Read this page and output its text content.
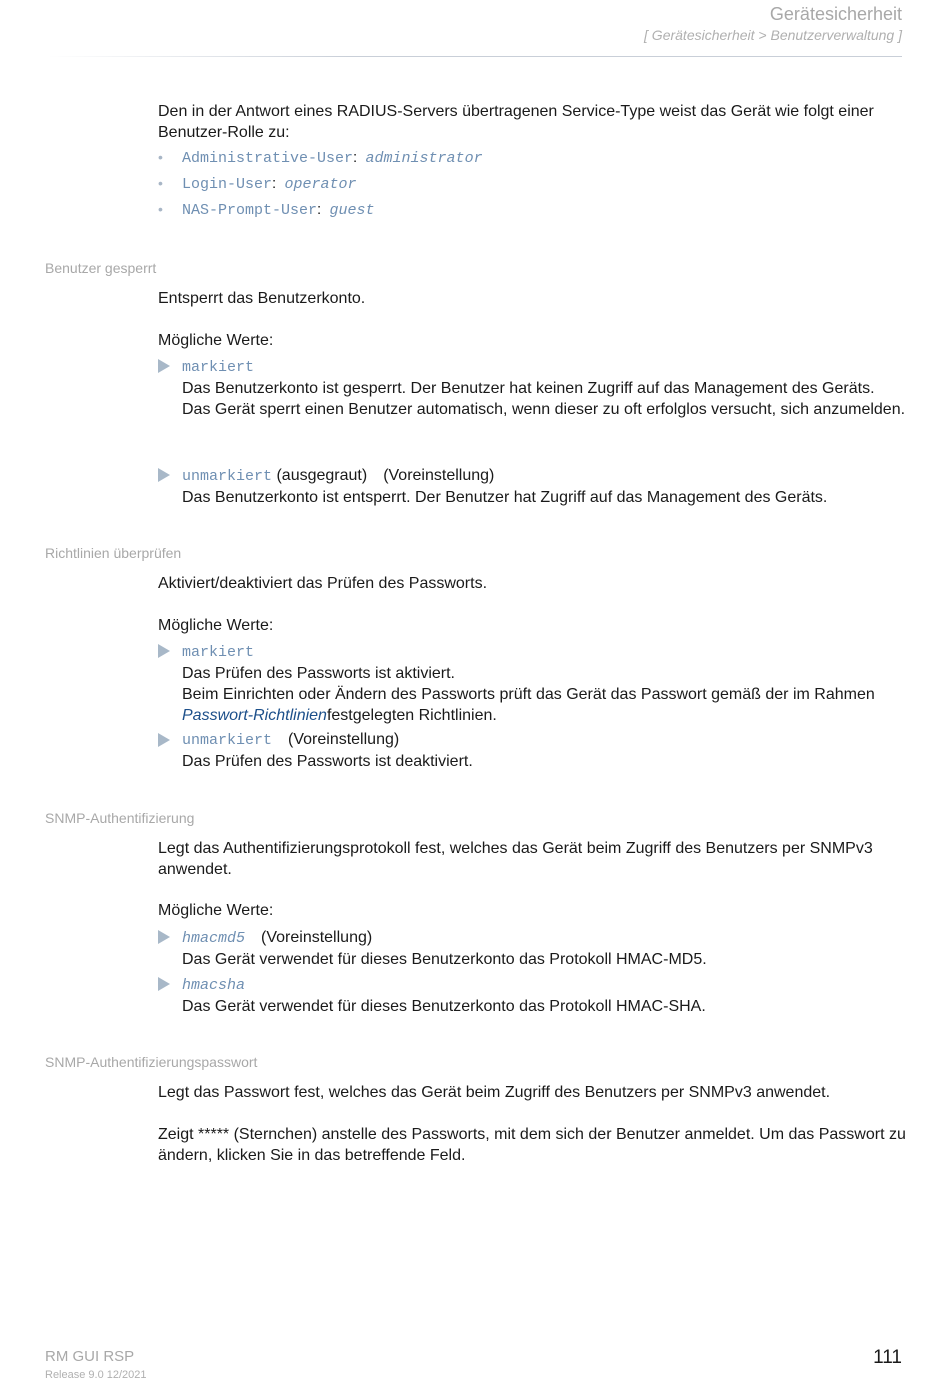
Gerätesicherheit
[ Gerätesicherheit > Benutzerverwaltung ]
Den in der Antwort eines RADIUS-Servers übertragenen Service-Type weist das Gerät wie folgt einer Benutzer-Rolle zu:
• Administrative-User:  administrator
• Login-User:  operator
• NAS-Prompt-User:  guest
Benutzer gesperrt
Entsperrt das Benutzerkonto.
Mögliche Werte:
markiert
Das Benutzerkonto ist gesperrt. Der Benutzer hat keinen Zugriff auf das Management des Geräts.
Das Gerät sperrt einen Benutzer automatisch, wenn dieser zu oft erfolglos versucht, sich anzumelden.
unmarkiert (ausgegraut) (Voreinstellung)
Das Benutzerkonto ist entsperrt. Der Benutzer hat Zugriff auf das Management des Geräts.
Richtlinien überprüfen
Aktiviert/deaktiviert das Prüfen des Passworts.
Mögliche Werte:
markiert
Das Prüfen des Passworts ist aktiviert.
Beim Einrichten oder Ändern des Passworts prüft das Gerät das Passwort gemäß der im Rahmen Passwort-Richtlinienfestgelegten Richtlinien.
unmarkiert (Voreinstellung)
Das Prüfen des Passworts ist deaktiviert.
SNMP-Authentifizierung
Legt das Authentifizierungsprotokoll fest, welches das Gerät beim Zugriff des Benutzers per SNMPv3 anwendet.
Mögliche Werte:
hmacmd5 (Voreinstellung)
Das Gerät verwendet für dieses Benutzerkonto das Protokoll HMAC-MD5.
hmacsha
Das Gerät verwendet für dieses Benutzerkonto das Protokoll HMAC-SHA.
SNMP-Authentifizierungspasswort
Legt das Passwort fest, welches das Gerät beim Zugriff des Benutzers per SNMPv3 anwendet.
Zeigt ***** (Sternchen) anstelle des Passworts, mit dem sich der Benutzer anmeldet. Um das Passwort zu ändern, klicken Sie in das betreffende Feld.
RM GUI RSP
Release 9.0 12/2021
111
